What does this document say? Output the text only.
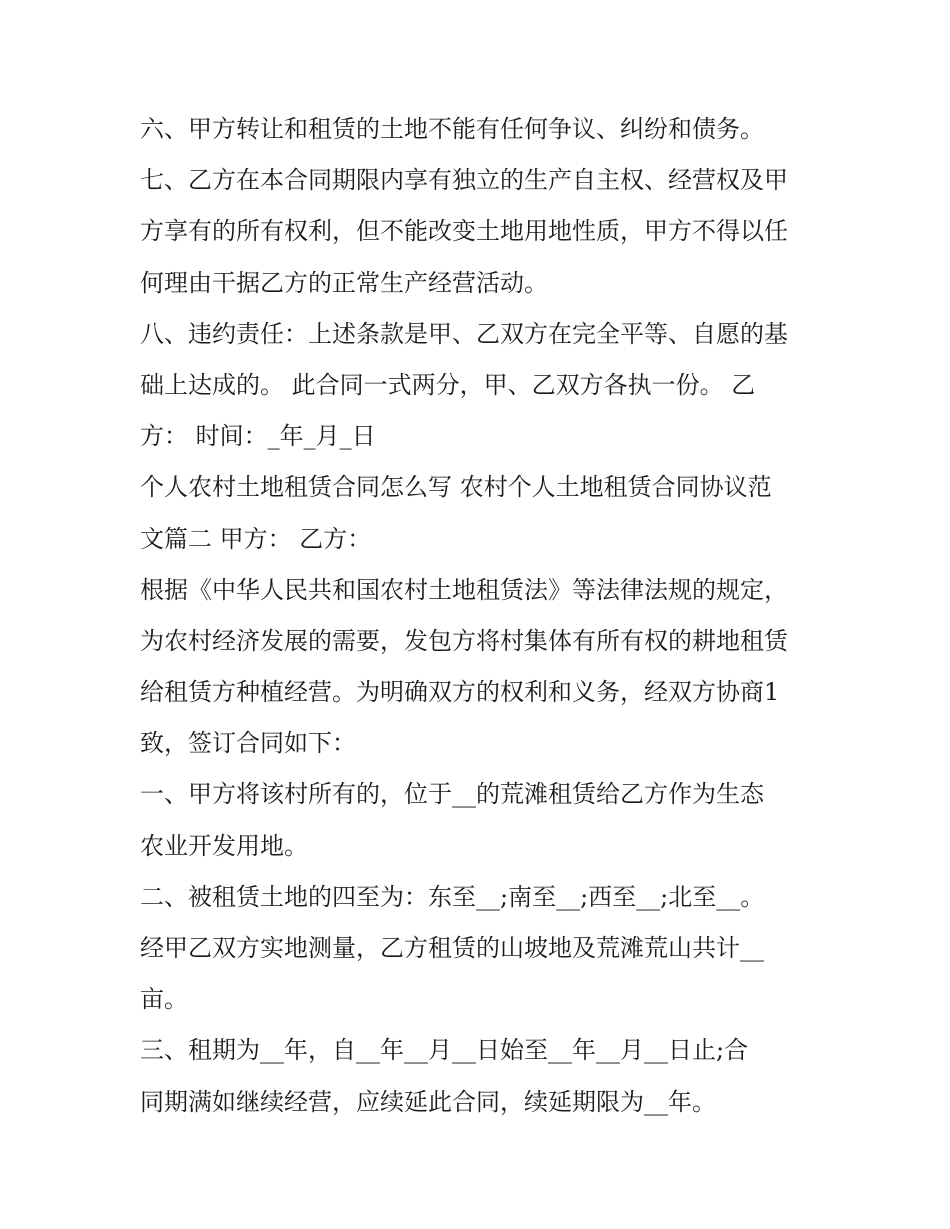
六、甲方转让和租赁的土地不能有任何争议、纠纷和债务。
七、乙方在本合同期限内享有独立的生产自主权、经营权及甲
方享有的所有权利，但不能改变土地用地性质，甲方不得以任
何理由干据乙方的正常生产经营活动。
八、违约责任：上述条款是甲、乙双方在完全平等、自愿的基
础上达成的。 此合同一式两分，甲、乙双方各执一份。 乙
方： 时间：_年_月_日
个人农村土地租赁合同怎么写 农村个人土地租赁合同协议范
文篇二 甲方： 乙方：
根据《中华人民共和国农村土地租赁法》等法律法规的规定，
为农村经济发展的需要，发包方将村集体有所有权的耕地租赁
给租赁方种植经营。为明确双方的权利和义务，经双方协商1
致，签订合同如下：
一、甲方将该村所有的，位于__的荒滩租赁给乙方作为生态
农业开发用地。
二、被租赁土地的四至为：东至__;南至__;西至__;北至__。
经甲乙双方实地测量，乙方租赁的山坡地及荒滩荒山共计__
亩。
三、租期为__年，自__年__月__日始至__年__月__日止;合
同期满如继续经营，应续延此合同，续延期限为__年。
